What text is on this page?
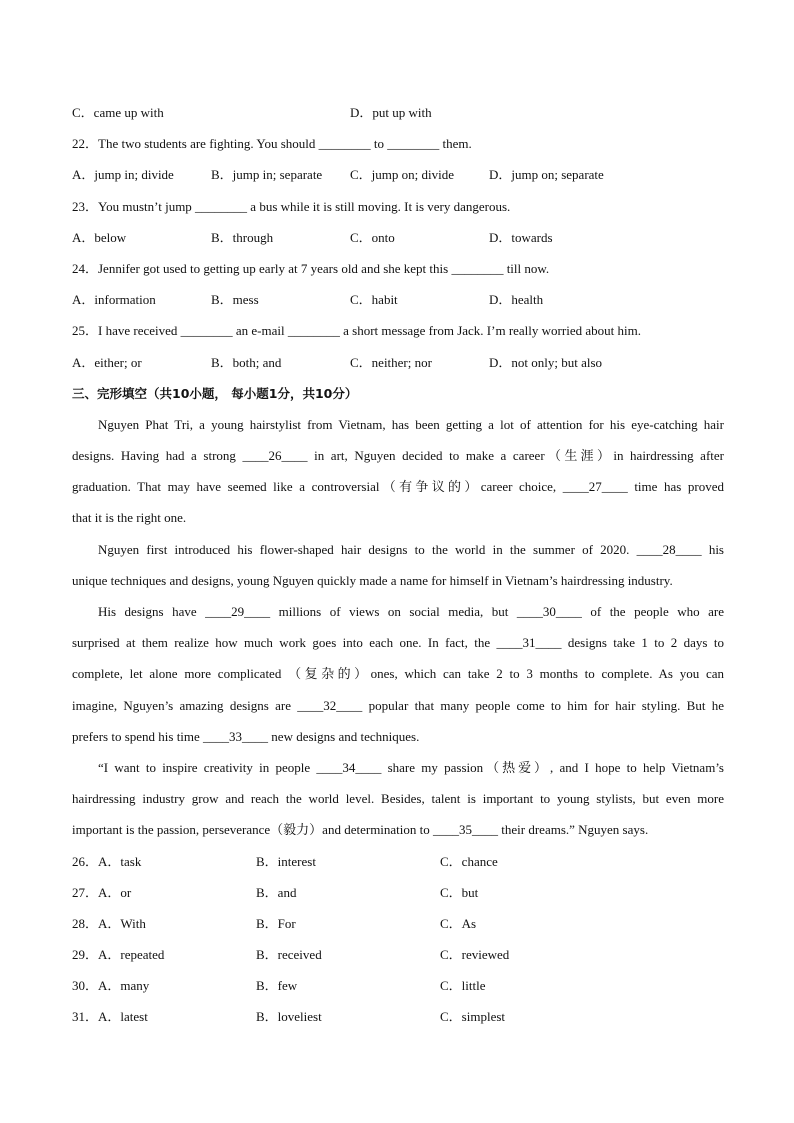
C．came up with	D．put up with
22．The two students are fighting. You should ________ to ________ them.
A．jump in; divide	B．jump in; separate	C．jump on; divide	D．jump on; separate
23．You mustn’t jump ________ a bus while it is still moving. It is very dangerous.
A．below	B．through	C．onto	D．towards
24．Jennifer got used to getting up early at 7 years old and she kept this ________ till now.
A．information	B．mess	C．habit	D．health
25．I have received ________ an e-mail ________ a short message from Jack. I’m really worried about him.
A．either; or	B．both; and	C．neither; nor	D．not only; but also
三、完形填空（共10小题， 每小题1分，共10分）
Nguyen Phat Tri, a young hairstylist from Vietnam, has been getting a lot of attention for his eye-catching hair
designs. Having had a strong ____26____ in art, Nguyen decided to make a career（生涯）in hairdressing after
graduation. That may have seemed like a controversial（有争议的）career choice, ____27____ time has proved
that it is the right one.
Nguyen first introduced his flower-shaped hair designs to the world in the summer of 2020. ____28____ his
unique techniques and designs, young Nguyen quickly made a name for himself in Vietnam’s hairdressing industry.
His designs have ____29____ millions of views on social media, but ____30____ of the people who are
surprised at them realize how much work goes into each one. In fact, the ____31____ designs take 1 to 2 days to
complete, let alone more complicated （复杂的）ones, which can take 2 to 3 months to complete. As you can
imagine, Nguyen’s amazing designs are ____32____ popular that many people come to him for hair styling. But he
prefers to spend his time ____33____ new designs and techniques.
“I want to inspire creativity in people ____34____ share my passion（热爱）, and I hope to help Vietnam’s
hairdressing industry grow and reach the world level. Besides, talent is important to young stylists, but even more
important is the passion, perseverance（毅力）and determination to ____35____ their dreams.” Nguyen says.
26．A．task	B．interest	C．chance
27．A．or	B．and	C．but
28．A．With	B．For	C．As
29．A．repeated	B．received	C．reviewed
30．A．many	B．few	C．little
31．A．latest	B．loveliest	C．simplest
